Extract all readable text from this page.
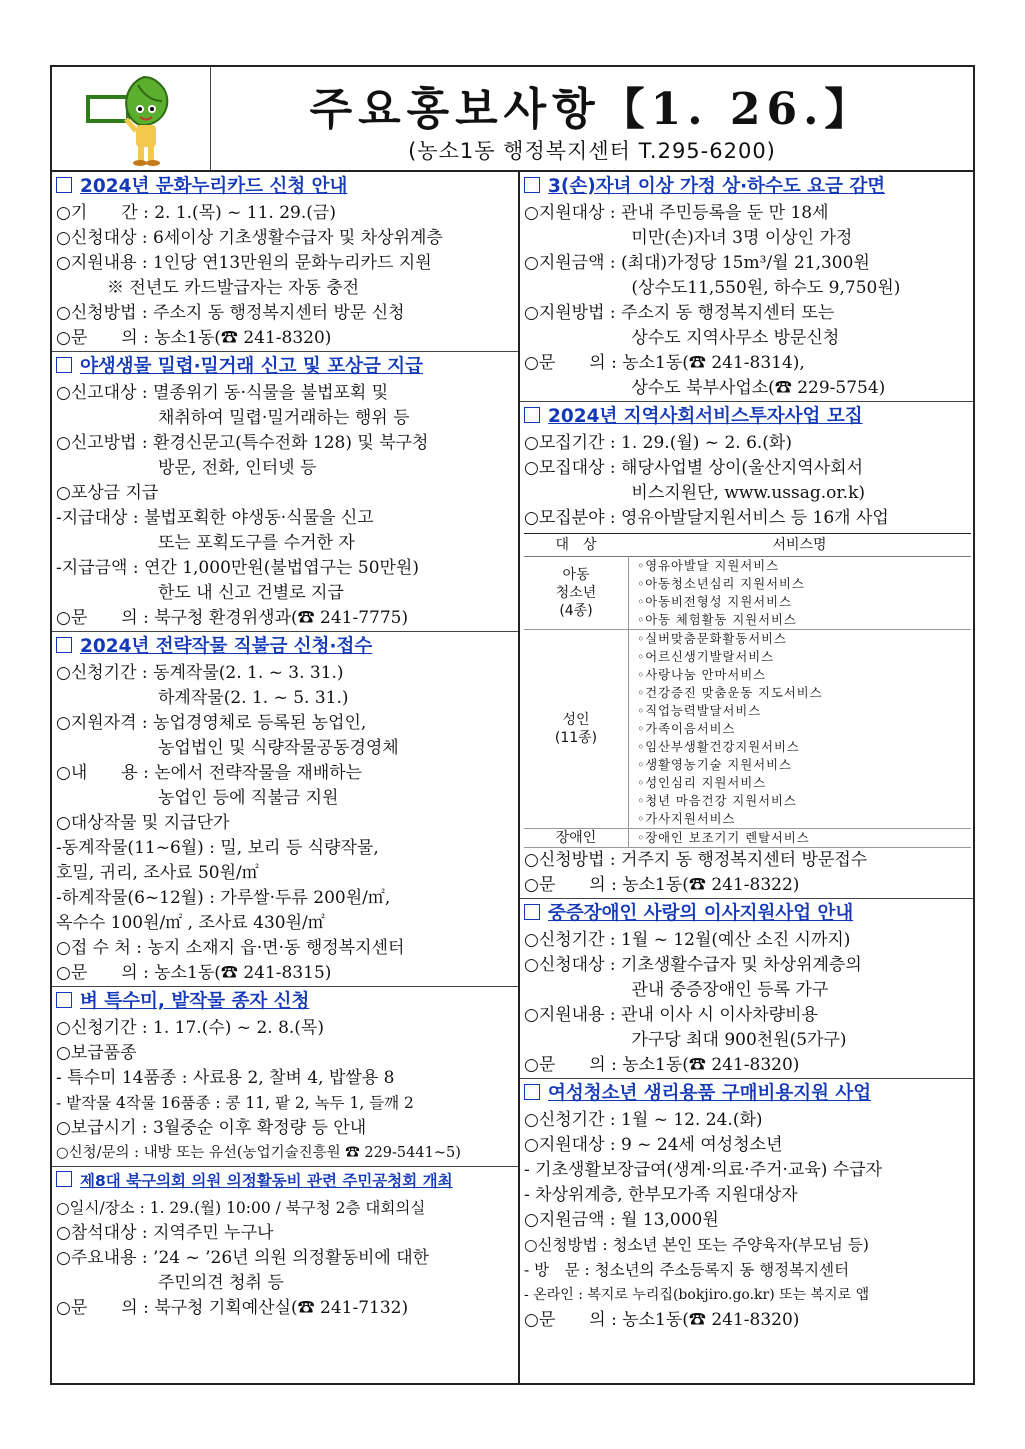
주요홍보사항【1. 26.】
(농소1동 행정복지센터 T.295-6200)
2024년 문화누리카드 신청 안내
○기　　간 : 2. 1.(목) ~ 11. 29.(금)
○신청대상 : 6세이상 기초생활수급자 및 차상위계층
○지원내용 : 1인당 연13만원의 문화누리카드 지원
　　　※ 전년도 카드발급자는 자동 충전
○신청방법 : 주소지 동 행정복지센터 방문 신청
○문　　의 : 농소1동(☎ 241-8320)
야생생물 밀렵·밀거래 신고 및 포상금 지급
○신고대상 : 멸종위기 동·식물을 불법포획 및
　　　　　　채취하여 밀렵·밀거래하는 행위 등
○신고방법 : 환경신문고(특수전화 128) 및 북구청
　　　　　　방문, 전화, 인터넷 등
○포상금 지급
-지급대상 : 불법포획한 야생동·식물을 신고
　　　　　　또는 포획도구를 수거한 자
-지급금액 : 연간 1,000만원(불법엽구는 50만원)
　　　　　　한도 내 신고 건별로 지급
○문　　의 : 북구청 환경위생과(☎ 241-7775)
2024년 전략작물 직불금 신청·접수
○신청기간 : 동계작물(2. 1. ~ 3. 31.)
　　　　　　하계작물(2. 1. ~ 5. 31.)
○지원자격 : 농업경영체로 등록된 농업인,
　　　　　　농업법인 및 식량작물공동경영체
○내　　용 : 논에서 전략작물을 재배하는
　　　　　　농업인 등에 직불금 지원
○대상작물 및 지급단가
-동계작물(11~6월) : 밀, 보리 등 식량작물,
호밀, 귀리, 조사료 50원/㎡
-하계작물(6~12월) : 가루쌀·두류 200원/㎡,
옥수수 100원/㎡ , 조사료 430원/㎡
○접 수 처 : 농지 소재지 읍·면·동 행정복지센터
○문　　의 : 농소1동(☎ 241-8315)
벼 특수미, 밭작물 종자 신청
○신청기간 : 1. 17.(수) ~ 2. 8.(목)
○보급품종
- 특수미 14품종 : 사료용 2, 찰벼 4, 밥쌀용 8
- 밭작물 4작물 16품종 : 콩 11, 팥 2, 녹두 1, 들깨 2
○보급시기 : 3월중순 이후 확정량 등 안내
○신청/문의 : 내방 또는 유선(농업기술진흥원 ☎ 229-5441~5)
제8대 북구의회 의원 의정활동비 관련 주민공청회 개최
○일시/장소 : 1. 29.(월) 10:00 / 북구청 2층 대회의실
○참석대상 : 지역주민 누구나
○주요내용 : ’24 ~ ’26년 의원 의정활동비에 대한
　　　　　　주민의견 청취 등
○문　　의 : 북구청 기획예산실(☎ 241-7132)
3(손)자녀 이상 가정 상·하수도 요금 감면
○지원대상 : 관내 주민등록을 둔 만 18세
　　　　　　 미만(손)자녀 3명 이상인 가정
○지원금액 : (최대)가정당 15m³/월 21,300원
　　　　　　 (상수도11,550원, 하수도 9,750원)
○지원방법 : 주소지 동 행정복지센터 또는
　　　　　　 상수도 지역사무소 방문신청
○문　　의 : 농소1동(☎ 241-8314),
　　　　　　 상수도 북부사업소(☎ 229-5754)
2024년 지역사회서비스투자사업 모집
○모집기간 : 1. 29.(월) ~ 2. 6.(화)
○모집대상 : 해당사업별 상이(울산지역사회서
　　　　　　 비스지원단, www.ussag.or.k)
○모집분야 : 영유아발달지원서비스 등 16개 사업
대　상	서비스명
아동
청소년
(4종)
◦영유아발달 지원서비스
◦아동청소년심리 지원서비스
◦아동비전형성 지원서비스
◦아동 체험활동 지원서비스
성인
(11종)
◦실버맞춤문화활동서비스
◦어르신생기발랄서비스
◦사랑나눔 안마서비스
◦건강증진 맞춤운동 지도서비스
◦직업능력발달서비스
◦가족이음서비스
◦임산부생활건강지원서비스
◦생활영농기술 지원서비스
◦성인심리 지원서비스
◦청년 마음건강 지원서비스
◦가사지원서비스
장애인	◦장애인 보조기기 렌탈서비스
○신청방법 : 거주지 동 행정복지센터 방문접수
○문　　의 : 농소1동(☎ 241-8322)
중증장애인 사랑의 이사지원사업 안내
○신청기간 : 1월 ~ 12월(예산 소진 시까지)
○신청대상 : 기초생활수급자 및 차상위계층의
　　　　　　 관내 중증장애인 등록 가구
○지원내용 : 관내 이사 시 이사차량비용
　　　　　　 가구당 최대 900천원(5가구)
○문　　의 : 농소1동(☎ 241-8320)
여성청소년 생리용품 구매비용지원 사업
○신청기간 : 1월 ~ 12. 24.(화)
○지원대상 : 9 ~ 24세 여성청소년
- 기초생활보장급여(생계·의료·주거·교육) 수급자
- 차상위계층, 한부모가족 지원대상자
○지원금액 : 월 13,000원
○신청방법 : 청소년 본인 또는 주양육자(부모님 등)
- 방　문 : 청소년의 주소등록지 동 행정복지센터
- 온라인 : 복지로 누리집(bokjiro.go.kr) 또는 복지로 앱
○문　　의 : 농소1동(☎ 241-8320)
